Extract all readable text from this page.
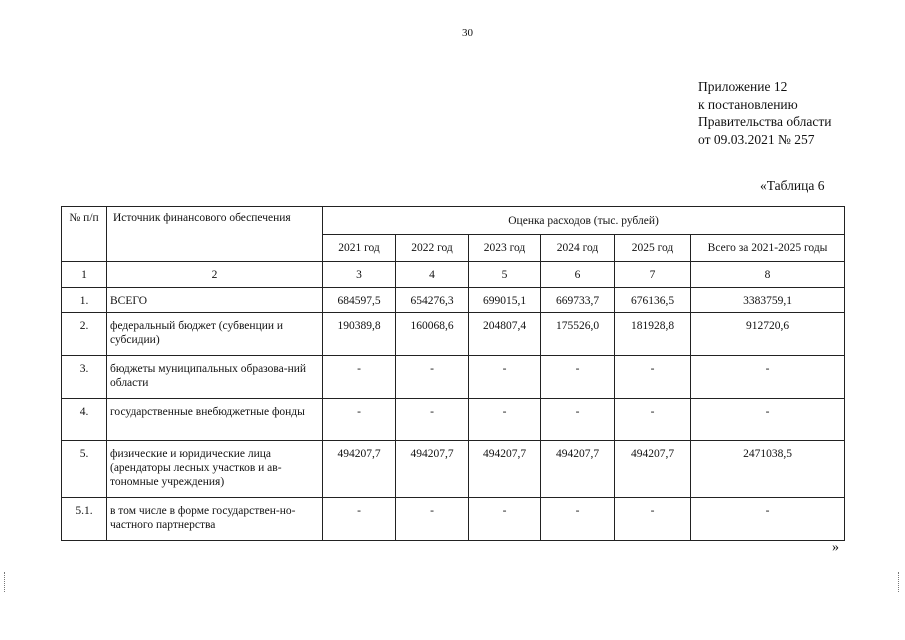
30
Приложение 12
к постановлению
Правительства области
от 09.03.2021 № 257
«Таблица 6
№ п/п	Источник финансового обеспечения	Оценка расходов (тыс. рублей)					
		2021 год	2022 год	2023 год	2024 год	2025 год	Всего за 2021-2025 годы
1	2	3	4	5	6	7	8
1.	ВСЕГО	684597,5	654276,3	699015,1	669733,7	676136,5	3383759,1
2.	федеральный бюджет (субвенции и субсидии)	190389,8	160068,6	204807,4	175526,0	181928,8	912720,6
3.	бюджеты муниципальных образова-ний области	-	-	-	-	-	-
4.	государственные внебюджетные фонды	-	-	-	-	-	-
5.	физические и юридические лица (арендаторы лесных участков и ав-тономные учреждения)	494207,7	494207,7	494207,7	494207,7	494207,7	2471038,5
5.1.	в том числе в форме государствен-но-частного партнерства	-	-	-	-	-	-
»
